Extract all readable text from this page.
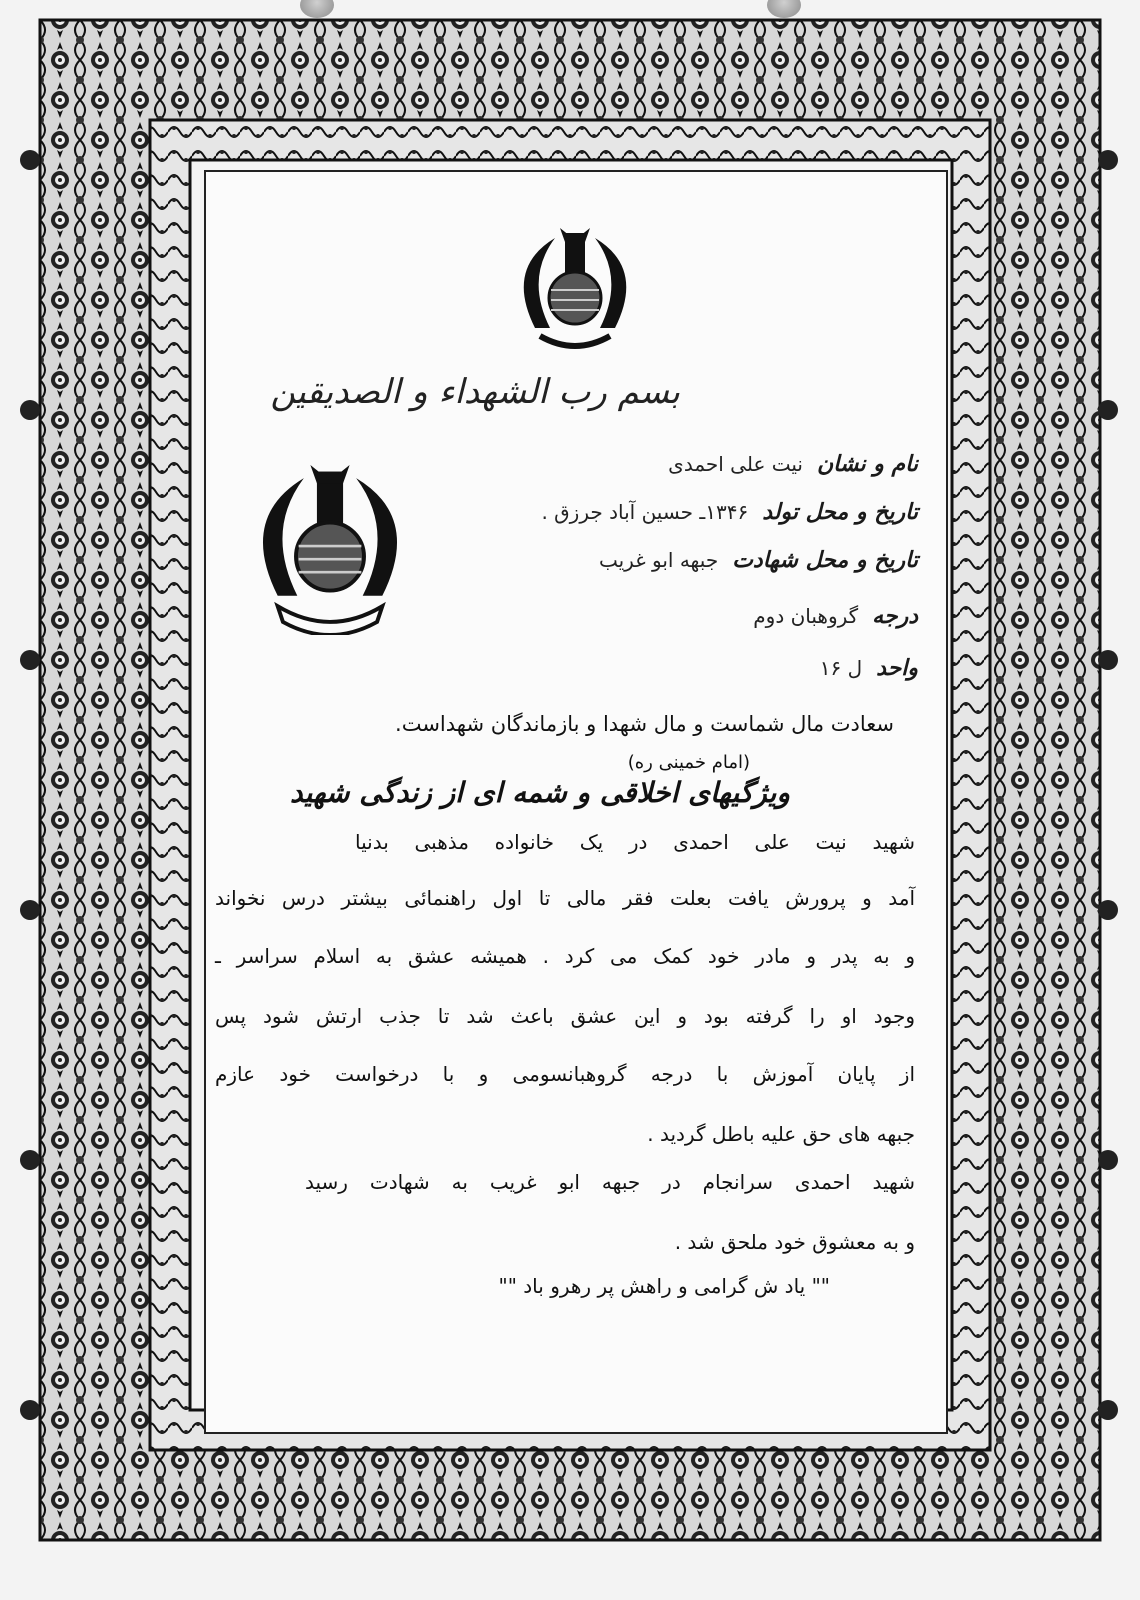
بسم رب الشهداء و الصدیقین
نام و نشان
نیت علی احمدی
تاریخ و محل تولد
۱۳۴۶ـ حسین آباد جرزق .
تاریخ و محل شهادت
جبهه ابو غریب
درجه
گروهبان دوم
واحد
ل ۱۶
سعادت مال شماست و مال شهدا و بازماندگان شهداست.
(امام خمینی ره)
ویژگیهای اخلاقی و شمه ای از زندگی شهید
شهید نیت علی احمدی در یک خانواده مذهبی بدنیا
آمد و پرورش یافت بعلت فقر مالی تا اول راهنمائی بیشتر درس نخواند
و به پدر و مادر خود کمک می کرد . همیشه عشق به اسلام سراسر ـ
وجود او را گرفته بود و این عشق باعث شد تا جذب ارتش شود پس
از پایان آموزش با درجه گروهبانسومی و با درخواست خود عازم
جبهه های حق علیه باطل گردید .
شهید احمدی سرانجام در جبهه ابو غریب به شهادت رسید
و به معشوق خود ملحق شد .
"" یاد ش گرامی و راهش پر رهرو باد ""
